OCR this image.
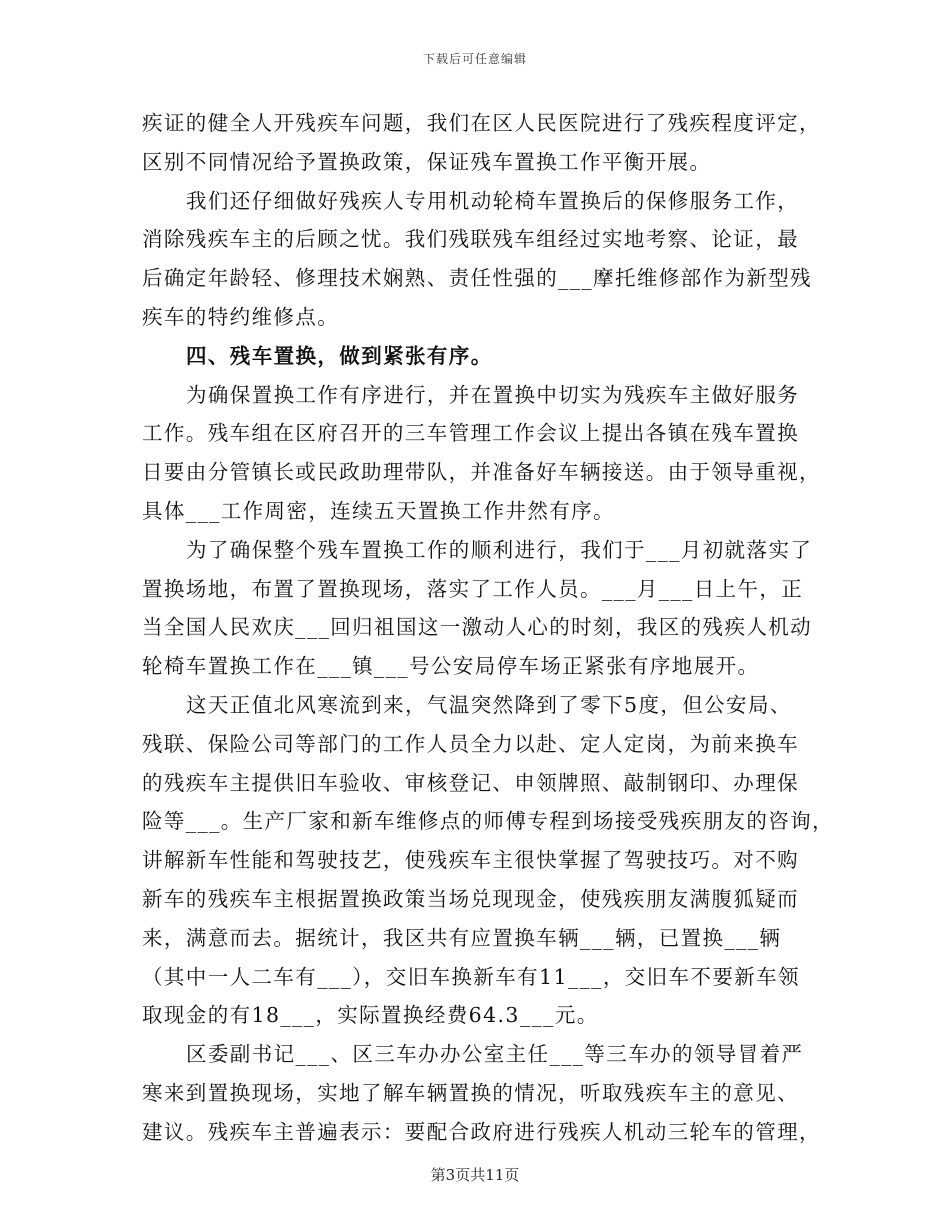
下载后可任意编辑
疾证的健全人开残疾车问题，我们在区人民医院进行了残疾程度评定，
区别不同情况给予置换政策，保证残车置换工作平衡开展。
我们还仔细做好残疾人专用机动轮椅车置换后的保修服务工作，
消除残疾车主的后顾之忧。我们残联残车组经过实地考察、论证，最
后确定年龄轻、修理技术娴熟、责任性强的___摩托维修部作为新型残
疾车的特约维修点。
四、残车置换，做到紧张有序。
为确保置换工作有序进行，并在置换中切实为残疾车主做好服务
工作。残车组在区府召开的三车管理工作会议上提出各镇在残车置换
日要由分管镇长或民政助理带队，并准备好车辆接送。由于领导重视，
具体___工作周密，连续五天置换工作井然有序。
为了确保整个残车置换工作的顺利进行，我们于___月初就落实了
置换场地，布置了置换现场，落实了工作人员。___月___日上午，正
当全国人民欢庆___回归祖国这一激动人心的时刻，我区的残疾人机动
轮椅车置换工作在___镇___号公安局停车场正紧张有序地展开。
这天正值北风寒流到来，气温突然降到了零下5度，但公安局、
残联、保险公司等部门的工作人员全力以赴、定人定岗，为前来换车
的残疾车主提供旧车验收、审核登记、申领牌照、敲制钢印、办理保
险等___。生产厂家和新车维修点的师傅专程到场接受残疾朋友的咨询，
讲解新车性能和驾驶技艺，使残疾车主很快掌握了驾驶技巧。对不购
新车的残疾车主根据置换政策当场兑现现金，使残疾朋友满腹狐疑而
来，满意而去。据统计，我区共有应置换车辆___辆，已置换___辆
（其中一人二车有___），交旧车换新车有11___，交旧车不要新车领
取现金的有18___，实际置换经费64.3___元。
区委副书记___、区三车办办公室主任___等三车办的领导冒着严
寒来到置换现场，实地了解车辆置换的情况，听取残疾车主的意见、
建议。残疾车主普遍表示：要配合政府进行残疾人机动三轮车的管理，
第3页共11页
